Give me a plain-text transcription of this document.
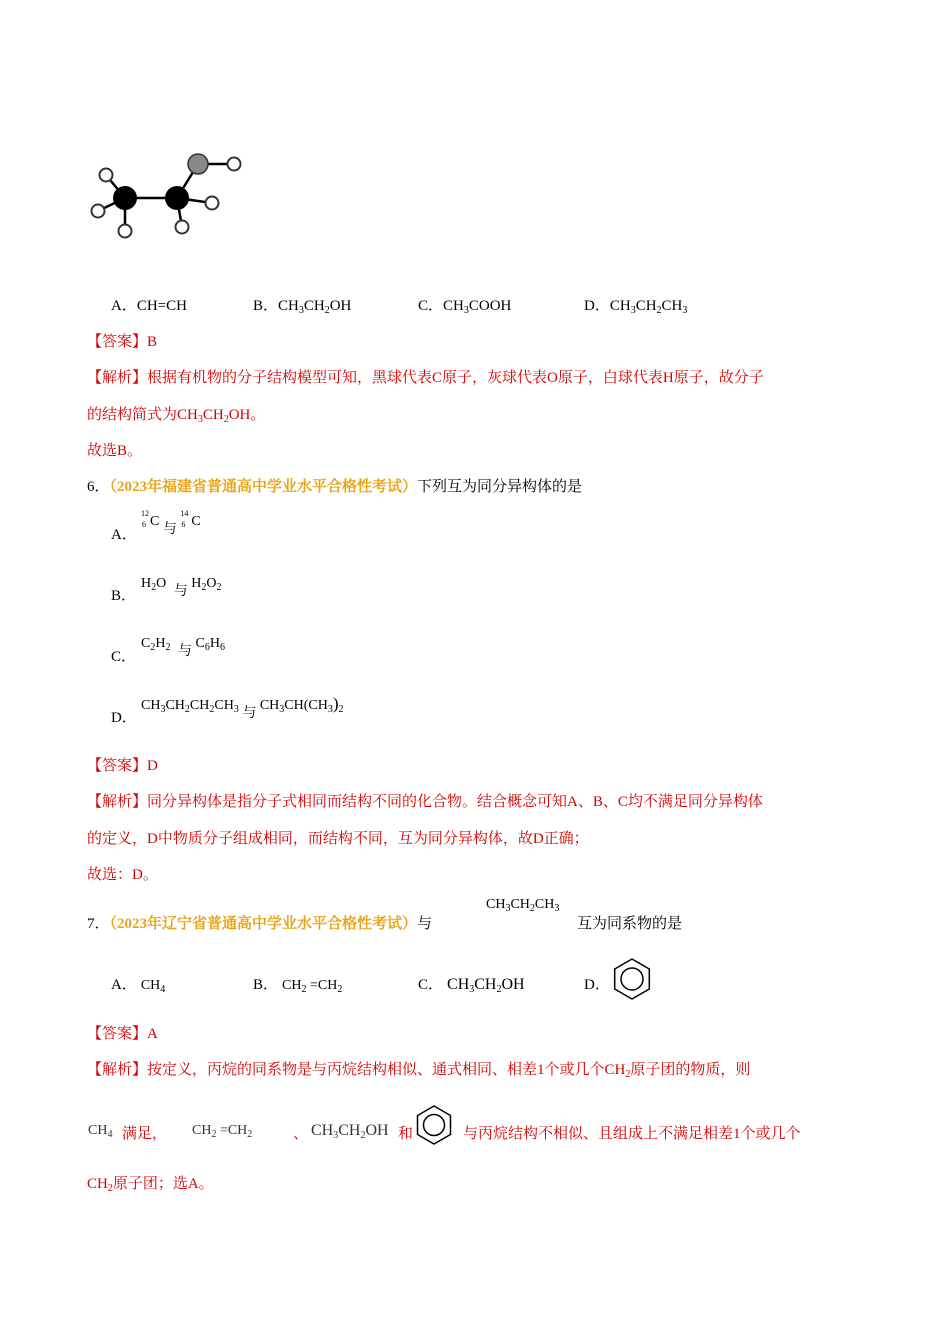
A．CH=CH	B．$CH_3CH_2OH$	C．$CH_3COOH$	D．$CH_3CH_2CH_3$
【答案】B
【解析】根据有机物的分子结构模型可知，黑球代表C原子，灰球代表O原子，白球代表H原子，故分子
的结构简式为$CH_3CH_2OH$。
故选B。
6．（2023年福建省普通高中学业水平合格性考试）下列互为同分异构体的是
A．
12
6 C 与
14
6 C
B．
$H_2O$ 与 $H_2O_2$
C．
$C_2H_2$ 与 $C_6H_6$
D．
$CH_3CH_2CH_2CH_3$ 与 $CH_3CH(CH_3)_2$
【答案】D
【解析】同分异构体是指分子式相同而结构不同的化合物。结合概念可知A、B、C均不满足同分异构体
的定义，D中物质分子组成相同，而结构不同，互为同分异构体，故D正确；
故选：D。
7．（2023年辽宁省普通高中学业水平合格性考试）与
$CH_3CH_2CH_3$
互为同系物的是
A． $CH_4$	B． $CH_2 =CH_2$	C． $CH_3CH_2OH$	D．
【答案】A
【解析】按定义，丙烷的同系物是与丙烷结构相似、通式相同、相差1个或几个$CH_2$原子团的物质，则
$CH_4$ 满足， $CH_2 =CH_2$	、 $CH_3CH_2OH$ 和	与丙烷结构不相似、且组成上不满足相差1个或几个
$CH_2$原子团；选A。
